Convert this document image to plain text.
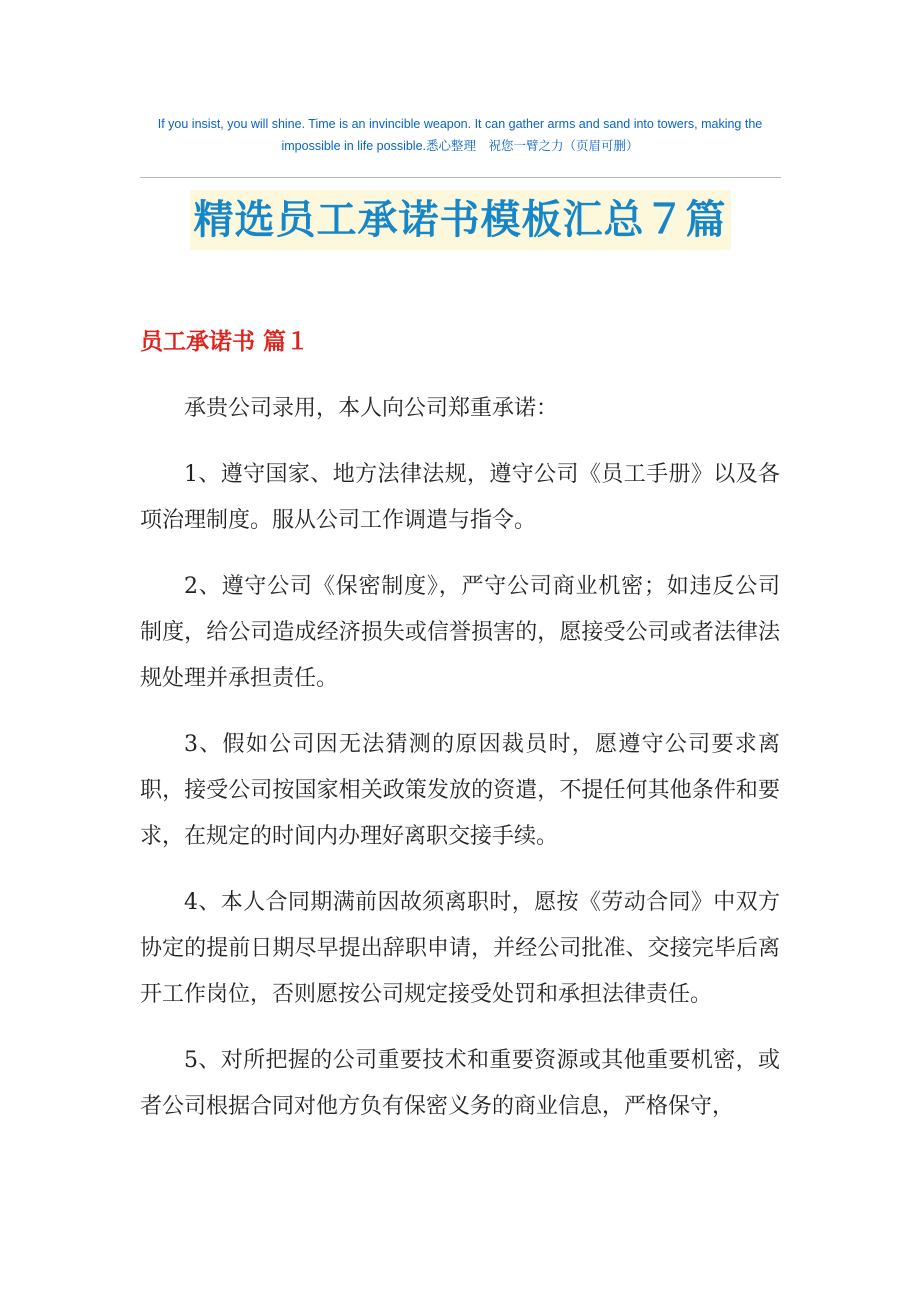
If you insist, you will shine. Time is an invincible weapon. It can gather arms and sand into towers, making the
impossible in life possible.悉心整理　祝您一臂之力（页眉可删）
精选员工承诺书模板汇总７篇
员工承诺书 篇１

承贵公司录用，本人向公司郑重承诺：

1、遵守国家、地方法律法规，遵守公司《员工手册》以及各项治理制度。服从公司工作调遣与指令。

2、遵守公司《保密制度》，严守公司商业机密；如违反公司制度，给公司造成经济损失或信誉损害的，愿接受公司或者法律法规处理并承担责任。

3、假如公司因无法猜测的原因裁员时，愿遵守公司要求离职，接受公司按国家相关政策发放的资遣，不提任何其他条件和要求，在规定的时间内办理好离职交接手续。

4、本人合同期满前因故须离职时，愿按《劳动合同》中双方协定的提前日期尽早提出辞职申请，并经公司批准、交接完毕后离开工作岗位，否则愿按公司规定接受处罚和承担法律责任。

5、对所把握的公司重要技术和重要资源或其他重要机密，或者公司根据合同对他方负有保密义务的商业信息，严格保守，
